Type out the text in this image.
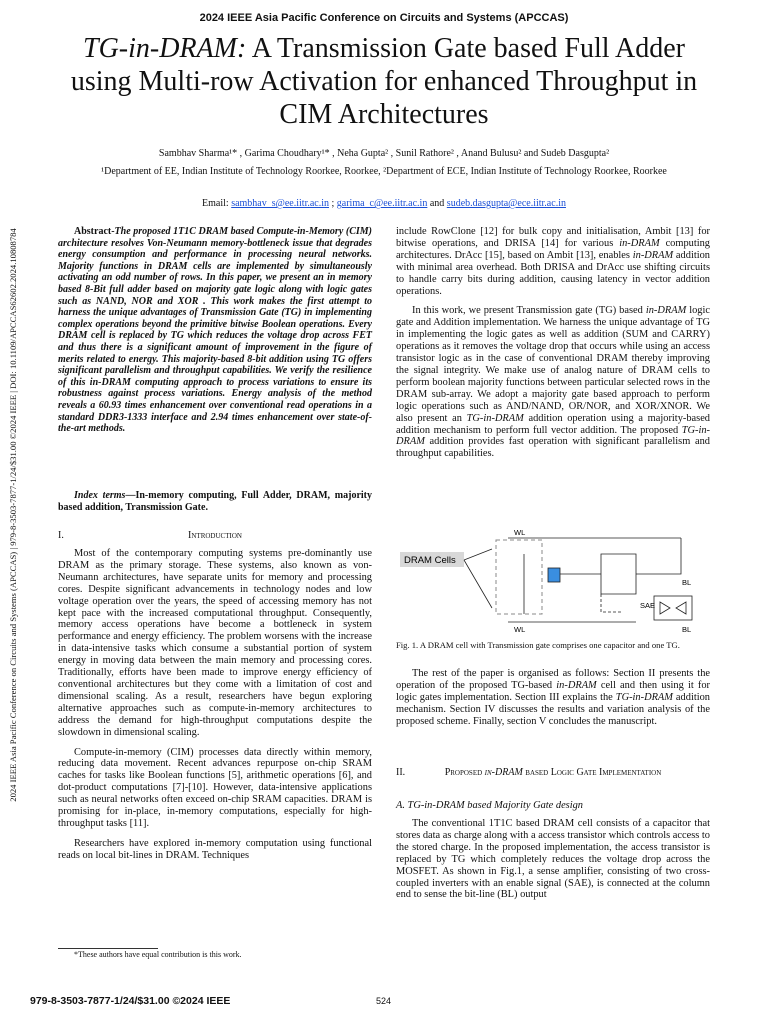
2024 IEEE Asia Pacific Conference on Circuits and Systems (APCCAS)
TG-in-DRAM: A Transmission Gate based Full Adder using Multi-row Activation for enhanced Throughput in CIM Architectures
Sambhav Sharma¹* , Garima Choudhary¹* , Neha Gupta² , Sunil Rathore² , Anand Bulusu² and Sudeb Dasgupta²
¹Department of EE, Indian Institute of Technology Roorkee, Roorkee, ²Department of ECE, Indian Institute of Technology Roorkee, Roorkee
Email: sambhav_s@ee.iitr.ac.in ; garima_c@ee.iitr.ac.in and sudeb.dasgupta@ece.iitr.ac.in
2024 IEEE Asia Pacific Conference on Circuits and Systems (APCCAS) | 979-8-3503-7877-1/24/$31.00 ©2024 IEEE | DOI: 10.1109/APCCAS62602.2024.10808784	Abstract-The proposed 1T1C DRAM based Compute-in-Memory (CIM) architecture resolves Von-Neumann memory-bottleneck issue that degrades energy consumption and performance in processing neural networks. Majority functions in DRAM cells are implemented by simultaneously activating an odd number of rows. In this paper, we present an in memory based 8-Bit full adder based on majority gate logic along with logic gates such as NAND, NOR and XOR . This work makes the first attempt to harness the unique advantages of Transmission Gate (TG) in implementing complex operations beyond the primitive bitwise Boolean operations. Every DRAM cell is replaced by TG which reduces the voltage drop across FET and thus there is a significant amount of improvement in the figure of merits related to energy. This majority-based 8-bit addition using TG offers significant parallelism and throughput capabilities. We verify the resilience of this in-DRAM computing approach to process variations to ensure its robustness against process variations. Energy analysis of the method reveals a 60.93 times enhancement over conventional read operations in a standard DDR3-1333 interface and 2.94 times enhancement over state-of-the-art methods.
Index terms—In-memory computing, Full Adder, DRAM, majority based addition, Transmission Gate.
I.	Introduction

Most of the contemporary computing systems pre-dominantly use DRAM as the primary storage. These systems, also known as von-Neumann architectures, have separate units for memory and processing cores. Despite significant advancements in technology nodes and low voltage operation over the years, the speed of accessing memory has not kept pace with the increased computational throughput. Consequently, memory access operations have become a bottleneck in system performance and energy efficiency. The problem worsens with the increase in data-intensive tasks which consume a substantial portion of system energy in moving data between the main memory and processing cores. Traditionally, efforts have been made to improve energy efficiency of conventional architectures but they come with a limitation of cost and dimensional scaling. As a result, researchers have begun exploring alternative approaches such as compute-in-memory architectures to address the demand for high-throughput computations despite the slowdown in dimensional scaling.

Compute-in-memory (CIM) processes data directly within memory, reducing data movement. Recent advances repurpose on-chip SRAM caches for tasks like Boolean functions [5], arithmetic operations [6], and dot-product computations [7]-[10]. However, data-intensive applications such as neural networks often exceed on-chip SRAM capacities. DRAM is promising for in-place, in-memory computations, especially for high-throughput tasks [11].

Researchers have explored in-memory computation using functional reads on local bit-lines in DRAM. Techniques

*These authors have equal contribution is this work.

include RowClone [12] for bulk copy and initialisation, Ambit [13] for bitwise operations, and DRISA [14] for various in-DRAM computing architectures. DrAcc [15], based on Ambit [13], enables in-DRAM addition with minimal area overhead. Both DRISA and DrAcc use shifting circuits to handle carry bits during addition, causing latency in vector addition operations.

In this work, we present Transmission gate (TG) based in-DRAM logic gate and Addition implementation. We harness the unique advantage of TG in implementing the logic gates as well as addition (SUM and CARRY) operations as it removes the voltage drop that occurs while using an access transistor logic as in the case of conventional DRAM thereby improving the signal integrity. We make use of analog nature of DRAM cells to perform boolean majority functions between particular selected rows in the DRAM sub-array. We adopt a majority gate based approach to perform logic operations such as AND/NAND, OR/NOR, and XOR/XNOR. We also present an TG-in-DRAM addition operation using a majority-based addition mechanism to perform full vector addition. The proposed TG-in-DRAM addition provides fast operation with significant parallelism and throughput capabilities.

DRAM Cells
WL
WL
BL
BL
SAE
Fig. 1. A DRAM cell with Transmission gate comprises one capacitor and one TG.

The rest of the paper is organised as follows: Section II presents the operation of the proposed TG-based in-DRAM cell and then using it for logic gates implementation. Section III explains the TG-in-DRAM addition mechanism. Section IV discusses the results and variation analysis of the proposed scheme. Finally, section V concludes the manuscript.

II.	Proposed in-DRAM based Logic Gate Implementation
A. TG-in-DRAM based Majority Gate design

The conventional 1T1C based DRAM cell consists of a capacitor that stores data as charge along with a access transistor which controls access to the stored charge. In the proposed implementation, the access transistor is replaced by TG which completely reduces the voltage drop across the MOSFET. As shown in Fig.1, a sense amplifier, consisting of two cross-coupled inverters with an enable signal (SAE), is connected at the column end to sense the bit-line (BL) output

979-8-3503-7877-1/24/$31.00 ©2024 IEEE	524
